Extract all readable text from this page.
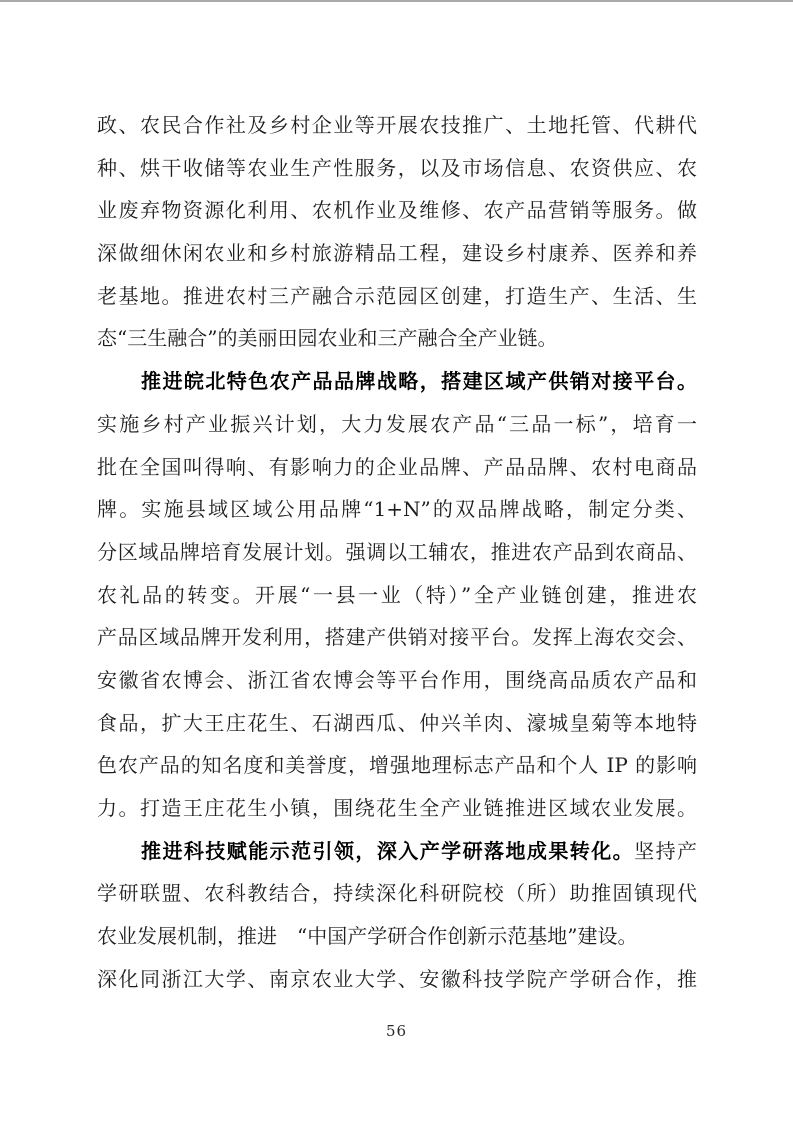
政、农民合作社及乡村企业等开展农技推广、土地托管、代耕代
种、烘干收储等农业生产性服务，以及市场信息、农资供应、农
业废弃物资源化利用、农机作业及维修、农产品营销等服务。做
深做细休闲农业和乡村旅游精品工程，建设乡村康养、医养和养
老基地。推进农村三产融合示范园区创建，打造生产、生活、生
态“三生融合”的美丽田园农业和三产融合全产业链。
推进皖北特色农产品品牌战略，搭建区域产供销对接平台。
实施乡村产业振兴计划，大力发展农产品“三品一标”，培育一
批在全国叫得响、有影响力的企业品牌、产品品牌、农村电商品
牌。实施县域区域公用品牌“1+N”的双品牌战略，制定分类、
分区域品牌培育发展计划。强调以工辅农，推进农产品到农商品、
农礼品的转变。开展“一县一业（特）”全产业链创建，推进农
产品区域品牌开发利用，搭建产供销对接平台。发挥上海农交会、
安徽省农博会、浙江省农博会等平台作用，围绕高品质农产品和
食品，扩大王庄花生、石湖西瓜、仲兴羊肉、濠城皇菊等本地特
色农产品的知名度和美誉度，增强地理标志产品和个人 IP 的影响
力。打造王庄花生小镇，围绕花生全产业链推进区域农业发展。
推进科技赋能示范引领，深入产学研落地成果转化。坚持产
学研联盟、农科教结合，持续深化科研院校（所）助推固镇现代
农业发展机制，推进　“中国产学研合作创新示范基地”建设。
深化同浙江大学、南京农业大学、安徽科技学院产学研合作，推
56
